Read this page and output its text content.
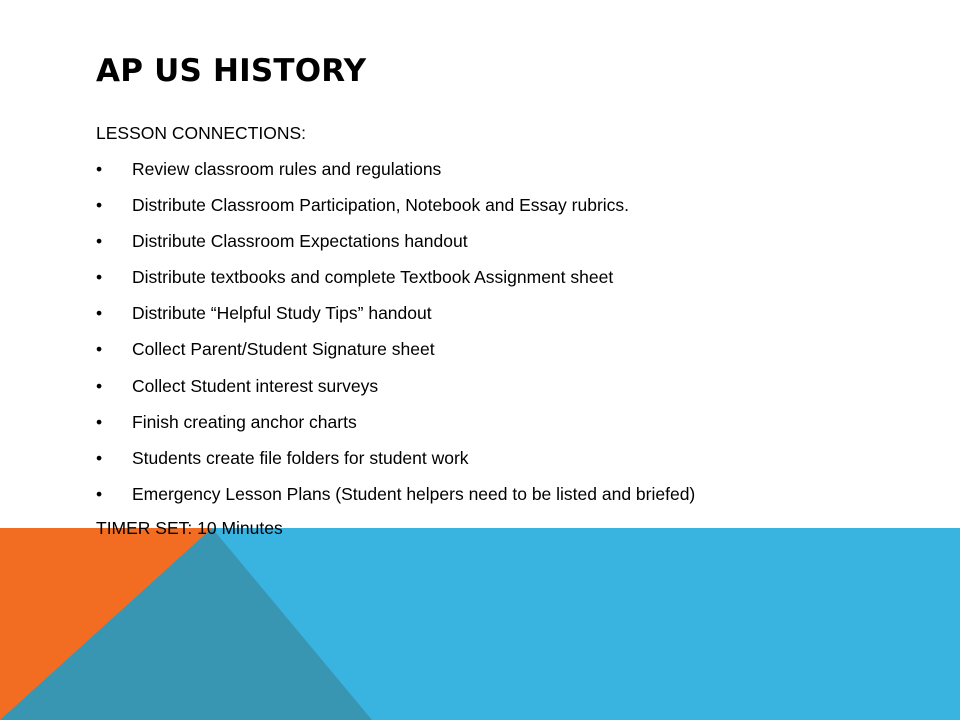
AP US HISTORY

LESSON CONNECTIONS:

• Review classroom rules and regulations
• Distribute Classroom Participation, Notebook and Essay rubrics.
• Distribute Classroom Expectations handout
• Distribute textbooks and complete Textbook Assignment sheet
• Distribute “Helpful Study Tips” handout
• Collect Parent/Student Signature sheet
• Collect Student interest surveys
• Finish creating anchor charts
• Students create file folders for student work
• Emergency Lesson Plans (Student helpers need to be listed and briefed)

TIMER SET: 10 Minutes
